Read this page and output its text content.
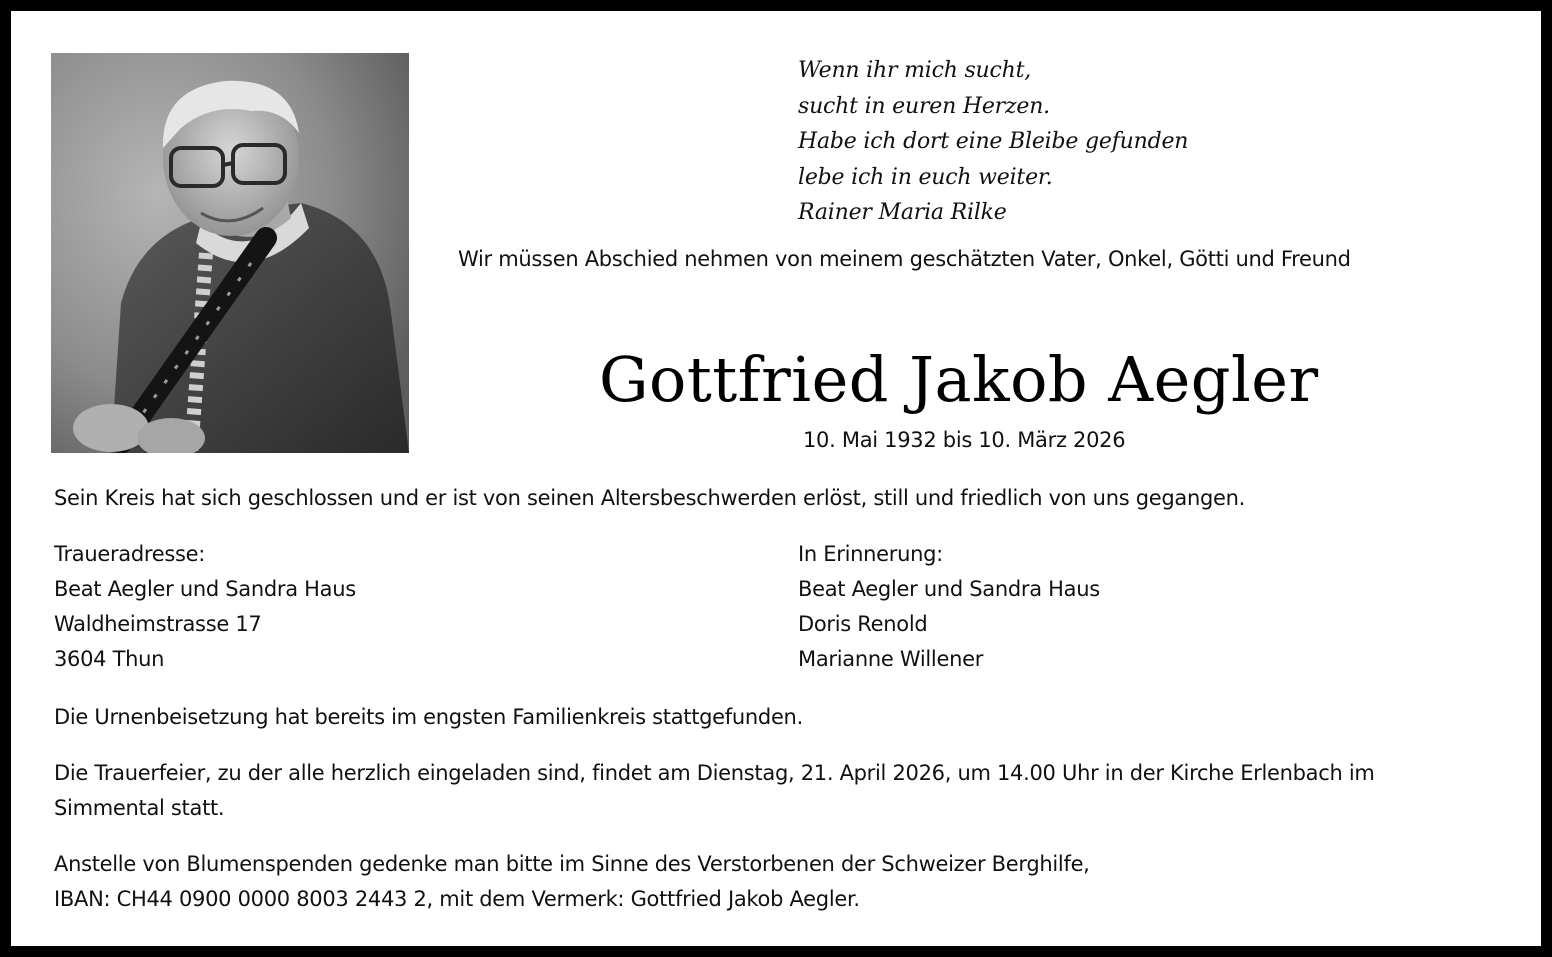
Wenn ihr mich sucht,
sucht in euren Herzen.
Habe ich dort eine Bleibe gefunden
lebe ich in euch weiter.
Rainer Maria Rilke
Wir müssen Abschied nehmen von meinem geschätzten Vater, Onkel, Götti und Freund
Gottfried Jakob Aegler
10. Mai 1932 bis 10. März 2026
Sein Kreis hat sich geschlossen und er ist von seinen Altersbeschwerden erlöst, still und friedlich von uns gegangen.
Traueradresse:
Beat Aegler und Sandra Haus
Waldheimstrasse 17
3604 Thun
In Erinnerung:
Beat Aegler und Sandra Haus
Doris Renold
Marianne Willener
Die Urnenbeisetzung hat bereits im engsten Familienkreis stattgefunden.
Die Trauerfeier, zu der alle herzlich eingeladen sind, findet am Dienstag, 21. April 2026, um 14.00 Uhr in der Kirche Erlenbach im
Simmental statt.
Anstelle von Blumenspenden gedenke man bitte im Sinne des Verstorbenen der Schweizer Berghilfe,
IBAN: CH44 0900 0000 8003 2443 2, mit dem Vermerk: Gottfried Jakob Aegler.
